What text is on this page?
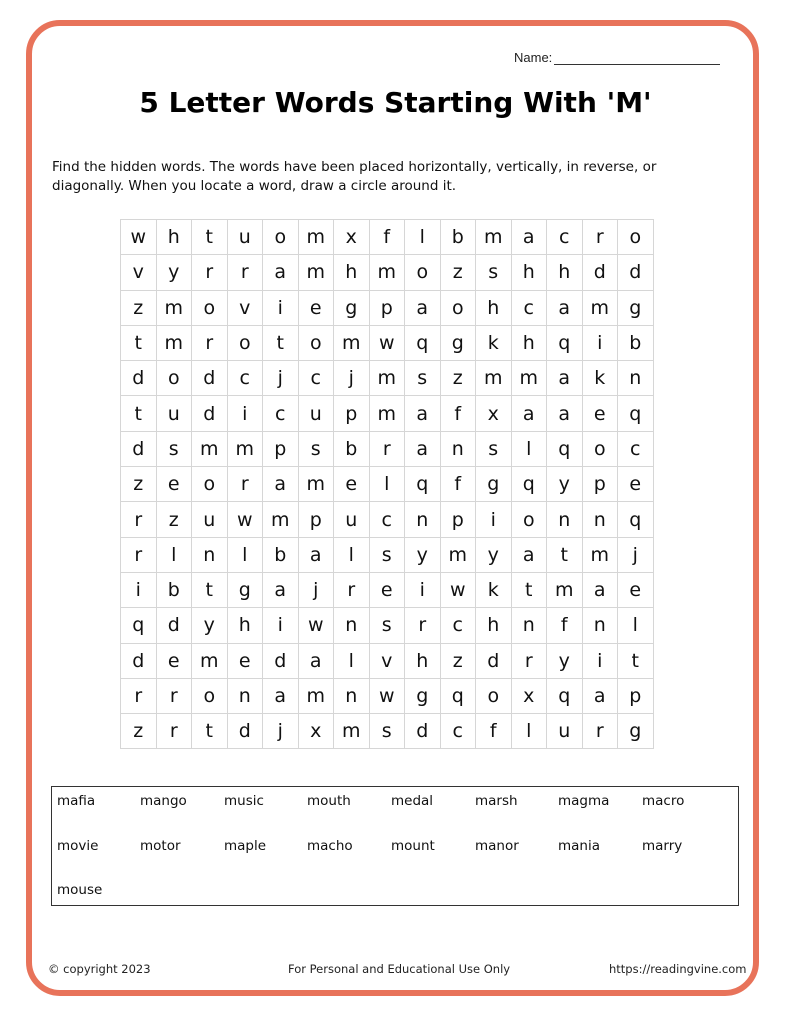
Name:
5 Letter Words Starting With 'M'
Find the hidden words. The words have been placed horizontally, vertically, in reverse, or diagonally. When you locate a word, draw a circle around it.
w	h	t	u	o	m	x	f	l	b	m	a	c	r	o
v	y	r	r	a	m	h	m	o	z	s	h	h	d	d
z	m	o	v	i	e	g	p	a	o	h	c	a	m	g
t	m	r	o	t	o	m	w	q	g	k	h	q	i	b
d	o	d	c	j	c	j	m	s	z	m	m	a	k	n
t	u	d	i	c	u	p	m	a	f	x	a	a	e	q
d	s	m	m	p	s	b	r	a	n	s	l	q	o	c
z	e	o	r	a	m	e	l	q	f	g	q	y	p	e
r	z	u	w	m	p	u	c	n	p	i	o	n	n	q
r	l	n	l	b	a	l	s	y	m	y	a	t	m	j
i	b	t	g	a	j	r	e	i	w	k	t	m	a	e
q	d	y	h	i	w	n	s	r	c	h	n	f	n	l
d	e	m	e	d	a	l	v	h	z	d	r	y	i	t
r	r	o	n	a	m	n	w	g	q	o	x	q	a	p
z	r	t	d	j	x	m	s	d	c	f	l	u	r	g
mafia	mango	music	mouth	medal	marsh	magma macro
movie	motor	maple	macho	mount	manor	mania	marry
mouse
© copyright 2023	For Personal and Educational Use Only	https://readingvine.com
